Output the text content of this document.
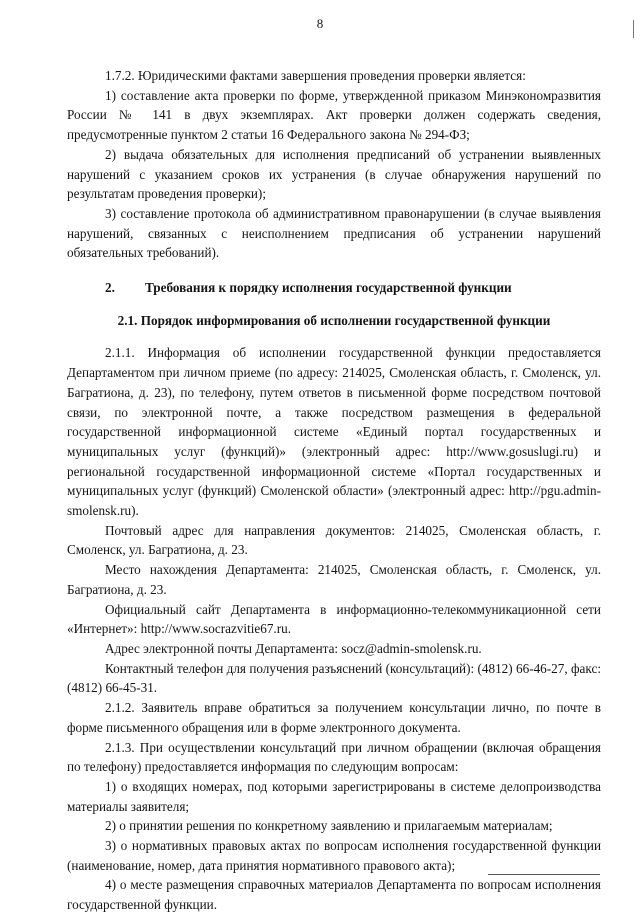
8

1.7.2. Юридическими фактами завершения проведения проверки является:

1) составление акта проверки по форме, утвержденной приказом Минэкономразвития России № 141 в двух экземплярах. Акт проверки должен содержать сведения, предусмотренные пунктом 2 статьи 16 Федерального закона № 294-ФЗ;

2) выдача обязательных для исполнения предписаний об устранении выявленных нарушений с указанием сроков их устранения (в случае обнаружения нарушений по результатам проведения проверки);

3) составление протокола об административном правонарушении (в случае выявления нарушений, связанных с неисполнением предписания об устранении нарушений обязательных требований).

2. Требования к порядку исполнения государственной функции
2.1. Порядок информирования об исполнении государственной функции

2.1.1. Информация об исполнении государственной функции предоставляется Департаментом при личном приеме (по адресу: 214025, Смоленская область, г. Смоленск, ул. Багратиона, д. 23), по телефону, путем ответов в письменной форме посредством почтовой связи, по электронной почте, а также посредством размещения в федеральной государственной информационной системе «Единый портал государственных и муниципальных услуг (функций)» (электронный адрес: http://www.gosuslugi.ru) и региональной государственной информационной системе «Портал государственных и муниципальных услуг (функций) Смоленской области» (электронный адрес: http://pgu.admin-smolensk.ru).

Почтовый адрес для направления документов: 214025, Смоленская область, г. Смоленск, ул. Багратиона, д. 23.

Место нахождения Департамента: 214025, Смоленская область, г. Смоленск, ул. Багратиона, д. 23.

Официальный сайт Департамента в информационно-телекоммуникационной сети «Интернет»: http://www.socrazvitie67.ru.

Адрес электронной почты Департамента: socz@admin-smolensk.ru.

Контактный телефон для получения разъяснений (консультаций): (4812) 66-46-27, факс: (4812) 66-45-31.

2.1.2. Заявитель вправе обратиться за получением консультации лично, по почте в форме письменного обращения или в форме электронного документа.

2.1.3. При осуществлении консультаций при личном обращении (включая обращения по телефону) предоставляется информация по следующим вопросам:

1) о входящих номерах, под которыми зарегистрированы в системе делопроизводства материалы заявителя;

2) о принятии решения по конкретному заявлению и прилагаемым материалам;

3) о нормативных правовых актах по вопросам исполнения государственной функции (наименование, номер, дата принятия нормативного правового акта);

4) о месте размещения справочных материалов Департамента по вопросам исполнения государственной функции.
